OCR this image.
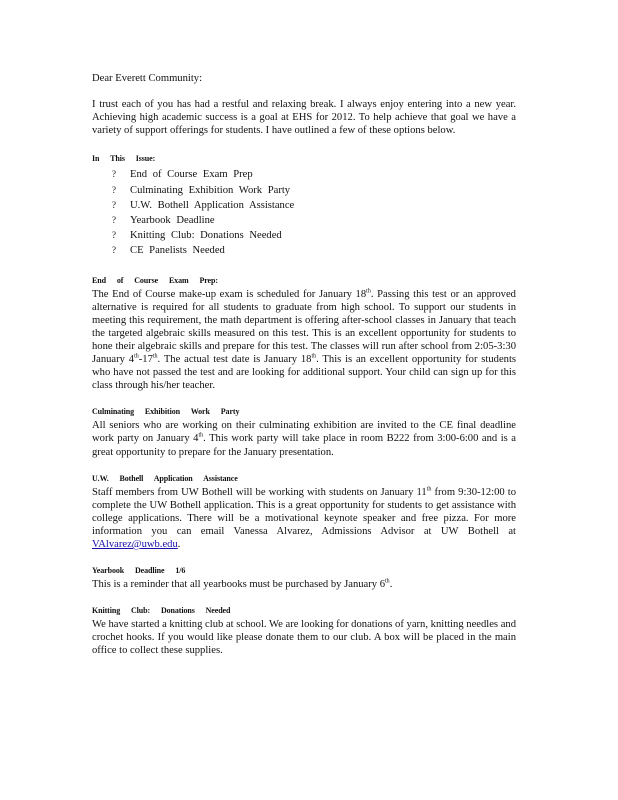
Dear Everett Community:

I trust each of you has had a restful and relaxing break. I always enjoy entering into a new year. Achieving high academic success is a goal at EHS for 2012. To help achieve that goal we have a variety of support offerings for students. I have outlined a few of these options below.

In This Issue:
? End of Course Exam Prep
? Culminating Exhibition Work Party
? U.W. Bothell Application Assistance
? Yearbook Deadline
? Knitting Club: Donations Needed
? CE Panelists Needed
End of Course Exam Prep:

The End of Course make-up exam is scheduled for January 18th. Passing this test or an approved alternative is required for all students to graduate from high school. To support our students in meeting this requirement, the math department is offering after-school classes in January that teach the targeted algebraic skills measured on this test. This is an excellent opportunity for students to hone their algebraic skills and prepare for this test. The classes will run after school from 2:05-3:30 January 4th-17th. The actual test date is January 18th. This is an excellent opportunity for students who have not passed the test and are looking for additional support. Your child can sign up for this class through his/her teacher.

Culminating Exhibition Work Party

All seniors who are working on their culminating exhibition are invited to the CE final deadline work party on January 4th. This work party will take place in room B222 from 3:00-6:00 and is a great opportunity to prepare for the January presentation.

U.W. Bothell Application Assistance

Staff members from UW Bothell will be working with students on January 11th from 9:30-12:00 to complete the UW Bothell application. This is a great opportunity for students to get assistance with college applications. There will be a motivational keynote speaker and free pizza. For more information you can email Vanessa Alvarez, Admissions Advisor at UW Bothell at VAlvarez@uwb.edu.

Yearbook Deadline 1/6

This is a reminder that all yearbooks must be purchased by January 6th.

Knitting Club: Donations Needed

We have started a knitting club at school. We are looking for donations of yarn, knitting needles and crochet hooks. If you would like please donate them to our club. A box will be placed in the main office to collect these supplies.
